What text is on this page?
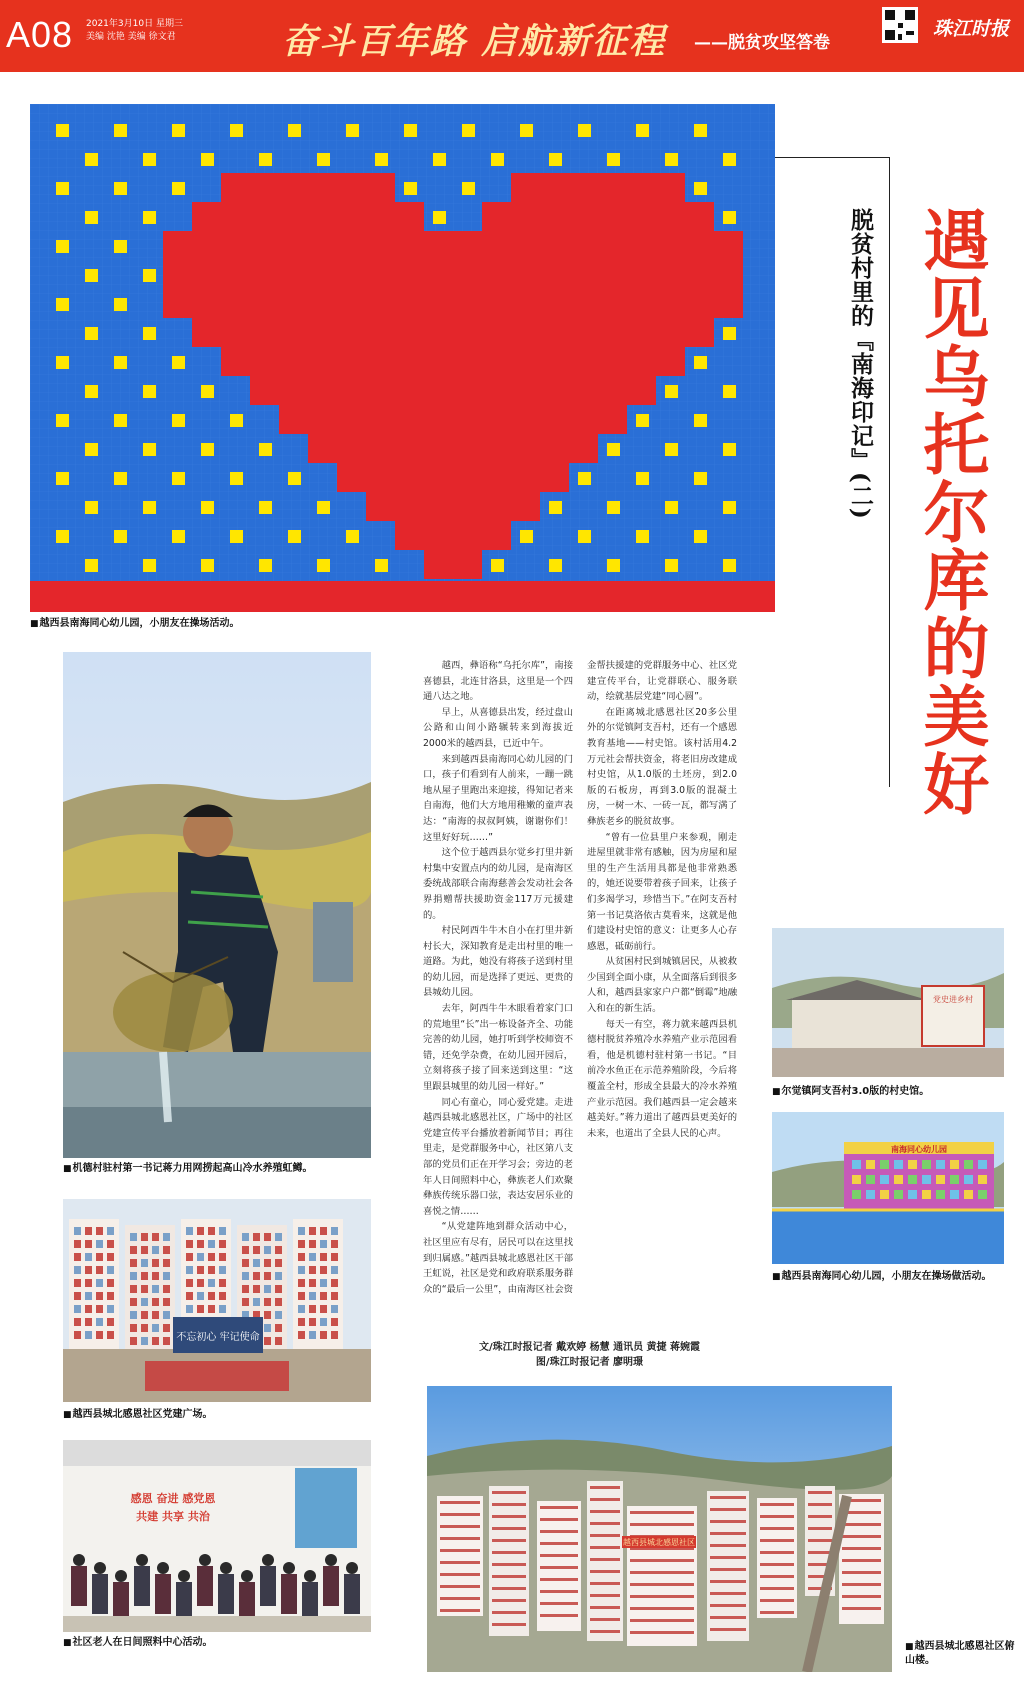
A08 2021年3月10日 星期三
美编 沈艳 美编 徐文君	奋斗百年路 启航新征程 ——脱贫攻坚答卷
珠江时报
■ 越西县南海同心幼儿园，小朋友在操场活动。	遇见乌托尔库的美好
脱贫村里的『南海印记』(二)
■ 机德村驻村第一书记蒋力用网捞起高山冷水养殖虹鳟。
不忘初心 牢记使命
■ 越西县城北感恩社区党建广场。
感恩 奋进 感党恩
共建 共享 共治
■ 社区老人在日间照料中心活动。

越西，彝语称“乌托尔库”，南接喜德县，北连甘洛县，这里是一个四通八达之地。

早上，从喜德县出发，经过盘山公路和山间小路辗转来到海拔近2000米的越西县，已近中午。

来到越西县南海同心幼儿园的门口，孩子们看到有人前来，一蹦一跳地从屋子里跑出来迎接，得知记者来自南海，他们大方地用稚嫩的童声表达：“南海的叔叔阿姨，谢谢你们！这里好好玩……”

这个位于越西县尔觉乡打里井新村集中安置点内的幼儿园，是南海区委统战部联合南海慈善会发动社会各界捐赠帮扶援助资金117万元援建的。

村民阿西牛牛木自小在打里井新村长大，深知教育是走出村里的唯一道路。为此，她没有将孩子送到村里的幼儿园，而是选择了更远、更贵的县城幼儿园。

去年，阿西牛牛木眼看着家门口的荒地里“长”出一栋设备齐全、功能完善的幼儿园，她打听到学校师资不错，还免学杂费，在幼儿园开园后，立刻将孩子接了回来送到这里：“这里跟县城里的幼儿园一样好。”

同心有童心，同心爱党建。走进越西县城北感恩社区，广场中的社区党建宣传平台播放着新闻节目；再往里走，是党群服务中心，社区第八支部的党员们正在开学习会；旁边的老年人日间照料中心，彝族老人们欢聚彝族传统乐器口弦，表达安居乐业的喜悦之情……

“从党建阵地到群众活动中心，社区里应有尽有，居民可以在这里找到归属感。”越西县城北感恩社区干部王虹说，社区是党和政府联系服务群众的“最后一公里”，由南海区社会资金帮扶援建的党群服务中心、社区党建宣传平台，让党群联心、服务联动，绘就基层党建“同心圆”。

在距离城北感恩社区20多公里外的尔觉镇阿支吾村，还有一个感恩教育基地——村史馆。该村活用4.2万元社会帮扶资金，将老旧房改建成村史馆，从1.0版的土坯房，到2.0版的石板房，再到3.0版的混凝土房，一树一木、一砖一瓦，都写满了彝族老乡的脱贫故事。

“曾有一位县里户来参观，刚走进屋里就非常有感触，因为房屋和屋里的生产生活用具都是他非常熟悉的，她还说要带着孩子回来，让孩子们多渴学习，珍惜当下。”在阿支吾村第一书记莫洛依古莫看来，这就是他们建设村史馆的意义：让更多人心存感恩，砥砺前行。

从贫困村民到城镇居民，从被救少国到全面小康，从全面落后到很多人和，越西县家家户户都“倒霉”地融入和在的新生活。

每天一有空，蒋力就来越西县机德村脱贫养殖冷水养殖产业示范园看看，他是机德村驻村第一书记。“目前冷水鱼正在示范养殖阶段，今后将覆盖全村，形成全县最大的冷水养殖产业示范园。我们越西县一定会越来越美好。”蒋力道出了越西县更美好的未来，也道出了全县人民的心声。

文/珠江时报记者 戴欢婷 杨慧 通讯员 黄捷 蒋婉霞
图/珠江时报记者 廖明璟
党史进乡村
■ 尔觉镇阿支吾村3.0版的村史馆。
南海同心幼儿园
■ 越西县南海同心幼儿园，小朋友在操场做活动。
越西县城北感恩社区
■ 越西县城北感恩社区俯山楼。
